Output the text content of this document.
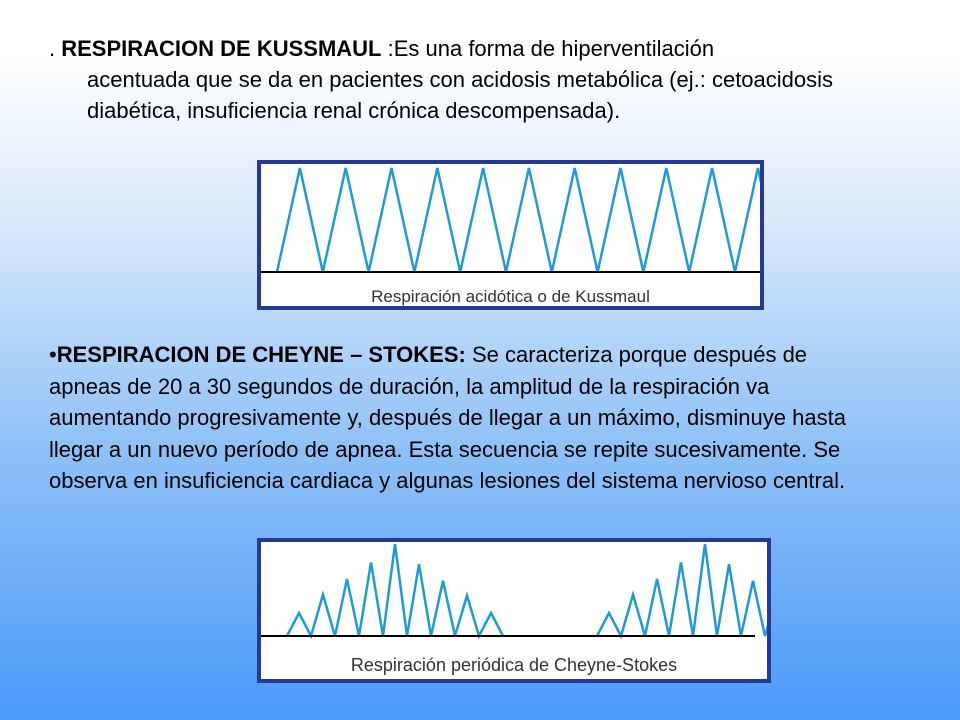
. RESPIRACION DE KUSSMAUL :Es una forma de hiperventilación
acentuada que se da en pacientes con acidosis metabólica (ej.: cetoacidosis diabética, insuficiencia renal crónica descompensada).

Respiración acidótica o de Kussmaul

•RESPIRACION DE CHEYNE – STOKES: Se caracteriza porque después de apneas de 20 a 30 segundos de duración, la amplitud de la respiración va aumentando progresivamente y, después de llegar a un máximo, disminuye hasta llegar a un nuevo período de apnea. Esta secuencia se repite sucesivamente. Se observa en insuficiencia cardiaca y algunas lesiones del sistema nervioso central.

Respiración periódica de Cheyne-Stokes
